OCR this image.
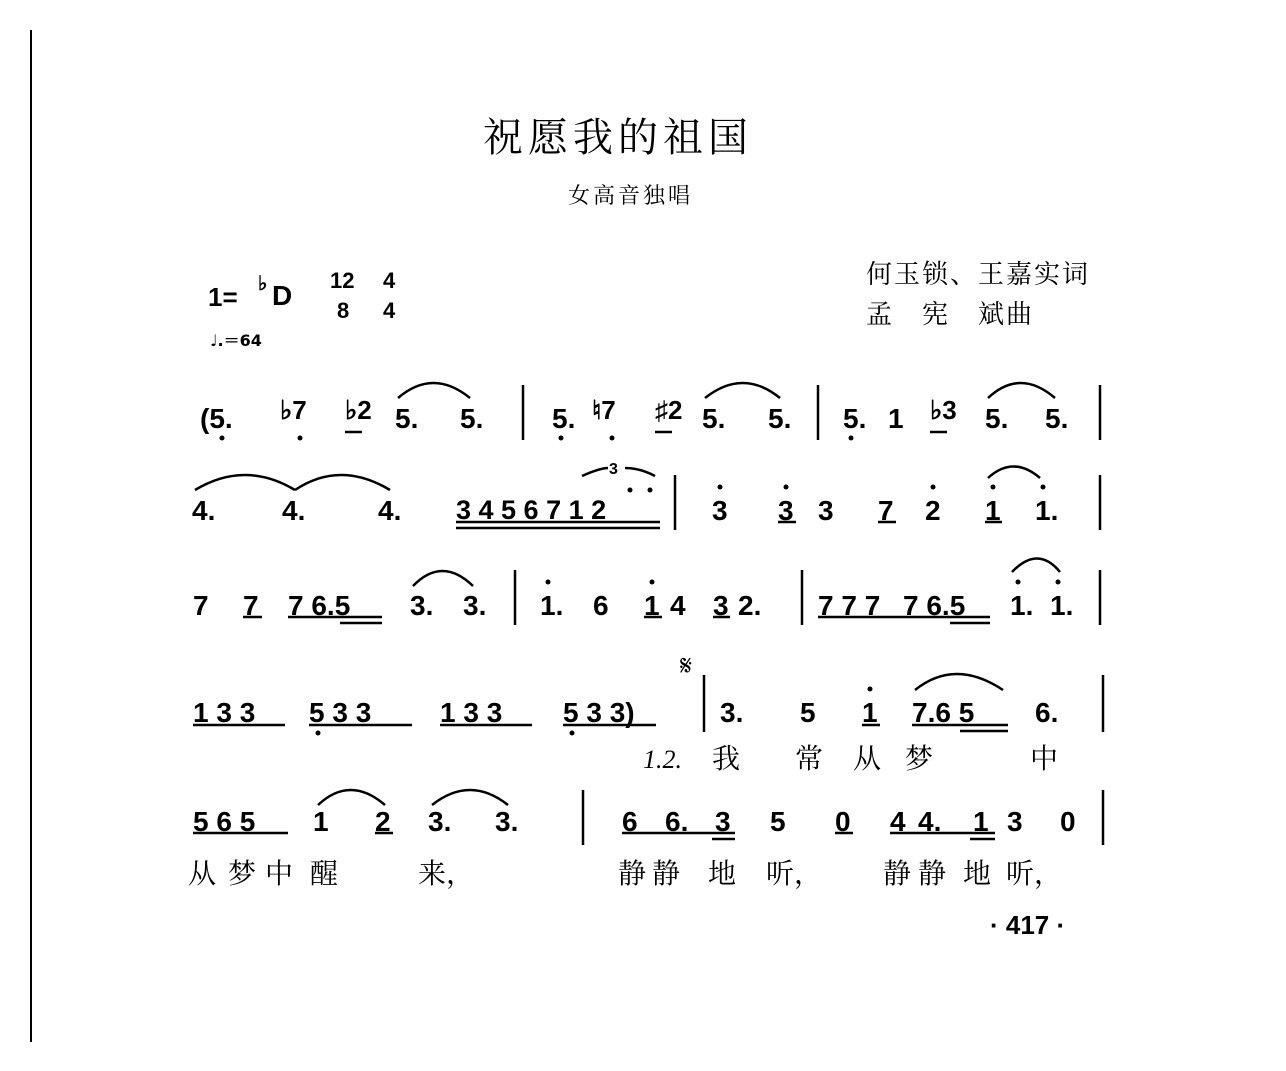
祝愿我的祖国
女高音独唱
何玉锁、王嘉实词
孟　宪　斌曲
1= ♭ D 12
8
4
4
♩.＝64
(5. ♭7 ♭2 5. 5. 5. ♮7 ♯2 5. 5. 5. 1 ♭3 5. 5.
4. 4.	4. 3 4 5 6 7 1 2
3
3 3 3 7 2 1 1.
7 7 7 6.5 3. 3. 1. 6 1 4 3 2. 7 7 7 7 6.5 1. 1.
𝄋
1 3 3 5 3 3 1 3 3 5 3 3)	3. 5 1 7.6 5 6.
1.2. 我 常 从 梦	中
5 6 5 1 2 3. 3.	6 6. 3 5 0 4 4. 1 3 0
从 梦 中 醒	来，	静 静 地 听， 静 静 地 听，
· 417 ·
